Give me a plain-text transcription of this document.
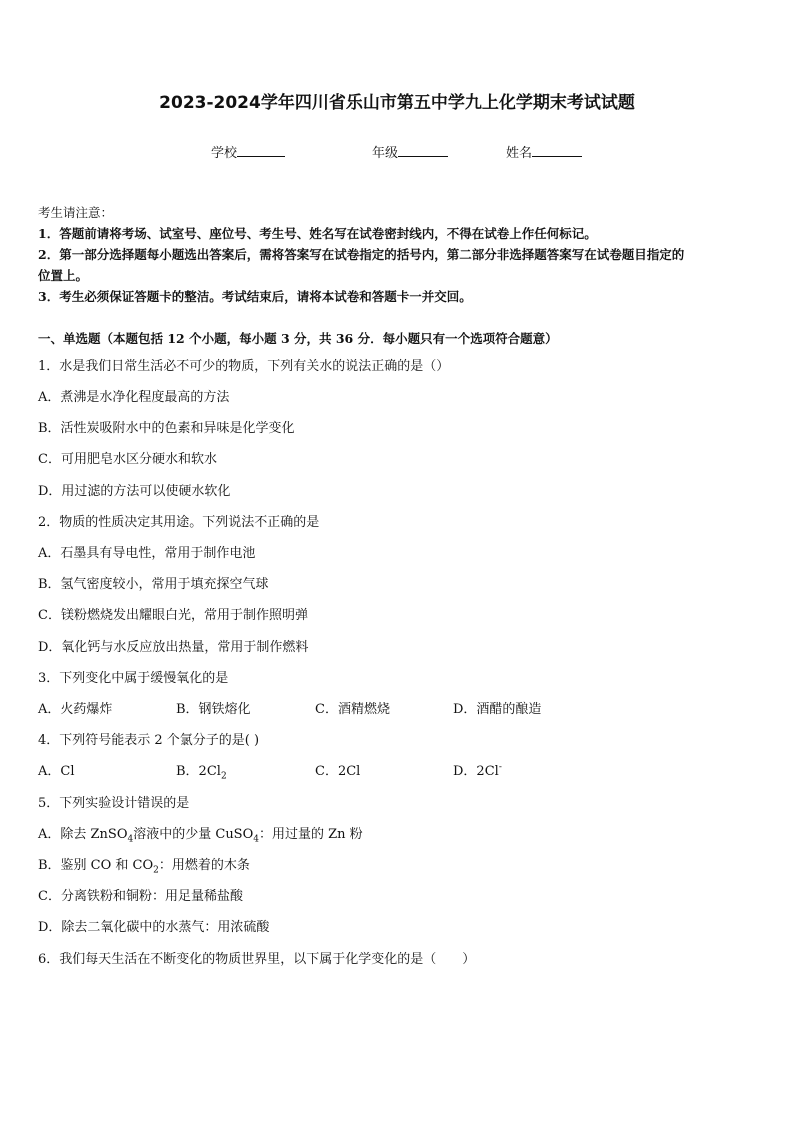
2023-2024学年四川省乐山市第五中学九上化学期末考试试题
学校	年级	姓名
考生请注意：
1．答题前请将考场、试室号、座位号、考生号、姓名写在试卷密封线内，不得在试卷上作任何标记。
2．第一部分选择题每小题选出答案后，需将答案写在试卷指定的括号内，第二部分非选择题答案写在试卷题目指定的
位置上。
3．考生必须保证答题卡的整洁。考试结束后，请将本试卷和答题卡一并交回。
一、单选题（本题包括 12 个小题，每小题 3 分，共 36 分．每小题只有一个选项符合题意）
1．水是我们日常生活必不可少的物质，下列有关水的说法正确的是（）
A．煮沸是水净化程度最高的方法
B．活性炭吸附水中的色素和异味是化学变化
C．可用肥皂水区分硬水和软水
D．用过滤的方法可以使硬水软化
2．物质的性质决定其用途。下列说法不正确的是
A．石墨具有导电性，常用于制作电池
B．氢气密度较小，常用于填充探空气球
C．镁粉燃烧发出耀眼白光，常用于制作照明弹
D．氧化钙与水反应放出热量，常用于制作燃料
3．下列变化中属于缓慢氧化的是
A．火药爆炸	B．钢铁熔化	C．酒精燃烧	D．酒醋的酿造
4．下列符号能表示 2 个氯分子的是( )
A．Cl	B．$2Cl_2$	C．2Cl	D．2Cl-
5．下列实验设计错误的是
A．除去 ZnSO$_4$溶液中的少量 CuSO$_4$：用过量的 Zn 粉
B．鉴别 CO 和 $CO_2$：用燃着的木条
C．分离铁粉和铜粉：用足量稀盐酸
D．除去二氧化碳中的水蒸气：用浓硫酸
6．我们每天生活在不断变化的物质世界里，以下属于化学变化的是（　　）
